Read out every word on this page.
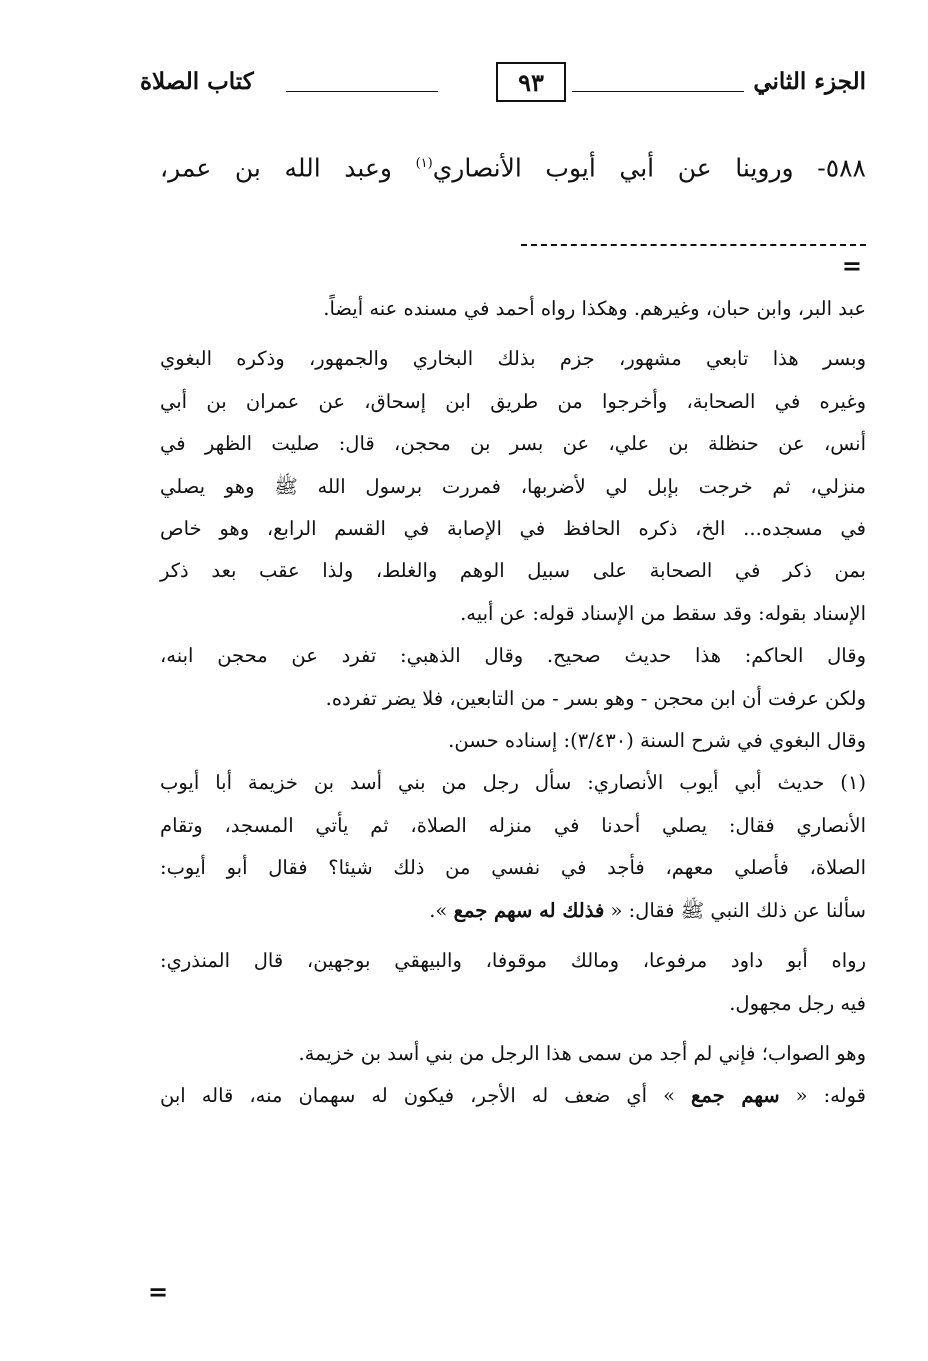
الجزء الثاني
٩٣
كتاب الصلاة
٥٨٨- وروينا عن أبي أيوب الأنصاري$^{(١)}$ وعبد الله بن عمر،
=

عبد البر، وابن حبان، وغيرهم. وهكذا رواه أحمد في مسنده عنه أيضاً.

وبسر هذا تابعي مشهور، جزم بذلك البخاري والجمهور، وذكره البغوي

وغيره في الصحابة، وأخرجوا من طريق ابن إسحاق، عن عمران بن أبي

أنس، عن حنظلة بن علي، عن بسر بن محجن، قال: صليت الظهر في

منزلي، ثم خرجت بإبل لي لأضربها، فمررت برسول الله ﷺ وهو يصلي

في مسجده... الخ، ذكره الحافظ في الإصابة في القسم الرابع، وهو خاص

بمن ذكر في الصحابة على سبيل الوهم والغلط، ولذا عقب بعد ذكر

الإسناد بقوله: وقد سقط من الإسناد قوله: عن أبيه.

وقال الحاكم: هذا حديث صحيح. وقال الذهبي: تفرد عن محجن ابنه،

ولكن عرفت أن ابن محجن - وهو بسر - من التابعين، فلا يضر تفرده.

وقال البغوي في شرح السنة (٣/٤٣٠): إسناده حسن.

(١) حديث أبي أيوب الأنصاري: سأل رجل من بني أسد بن خزيمة أبا أيوب

الأنصاري فقال: يصلي أحدنا في منزله الصلاة، ثم يأتي المسجد، وتقام

الصلاة، فأصلي معهم، فأجد في نفسي من ذلك شيئا؟ فقال أبو أيوب:

سألنا عن ذلك النبي ﷺ فقال: « فذلك له سهم جمع ».

رواه أبو داود مرفوعا، ومالك موقوفا، والبيهقي بوجهين، قال المنذري:

فيه رجل مجهول.

وهو الصواب؛ فإني لم أجد من سمى هذا الرجل من بني أسد بن خزيمة.

قوله: « سهم جمع » أي ضعف له الأجر، فيكون له سهمان منه، قاله ابن

=
